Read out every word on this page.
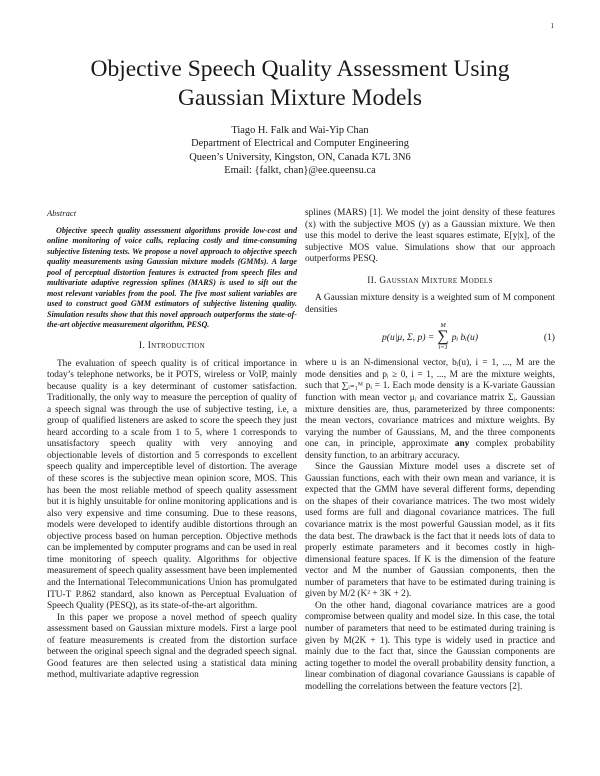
1
Objective Speech Quality Assessment Using
Gaussian Mixture Models
Tiago H. Falk and Wai-Yip Chan
Department of Electrical and Computer Engineering
Queen’s University, Kingston, ON, Canada K7L 3N6
Email: {falkt, chan}@ee.queensu.ca
Abstract

Objective speech quality assessment algorithms provide low-cost and online monitoring of voice calls, replacing costly and time-consuming subjective listening tests. We propose a novel approach to objective speech quality measurements using Gaussian mixture models (GMMs). A large pool of perceptual distortion features is extracted from speech files and multivariate adaptive regression splines (MARS) is used to sift out the most relevant variables from the pool. The five most salient variables are used to construct good GMM estimators of subjective listening quality. Simulation results show that this novel approach outperforms the state-of-the-art objective measurement algorithm, PESQ.

I. Introduction

The evaluation of speech quality is of critical importance in today’s telephone networks, be it POTS, wireless or VoIP, mainly because quality is a key determinant of customer satisfaction. Traditionally, the only way to measure the perception of quality of a speech signal was through the use of subjective testing, i.e, a group of qualified listeners are asked to score the speech they just heard according to a scale from 1 to 5, where 1 corresponds to unsatisfactory speech quality with very annoying and objectionable levels of distortion and 5 corresponds to excellent speech quality and imperceptible level of distortion. The average of these scores is the subjective mean opinion score, MOS. This has been the most reliable method of speech quality assessment but it is highly unsuitable for online monitoring applications and is also very expensive and time consuming. Due to these reasons, models were developed to identify audible distortions through an objective process based on human perception. Objective methods can be implemented by computer programs and can be used in real time monitoring of speech quality. Algorithms for objective measurement of speech quality assessment have been implemented and the International Telecommunications Union has promulgated ITU-T P.862 standard, also known as Perceptual Evaluation of Speech Quality (PESQ), as its state-of-the-art algorithm.

In this paper we propose a novel method of speech quality assessment based on Gaussian mixture models. First a large pool of feature measurements is created from the distortion surface between the original speech signal and the degraded speech signal. Good features are then selected using a statistical data mining method, multivariate adaptive regression

splines (MARS) [1]. We model the joint density of these features (x) with the subjective MOS (y) as a Gaussian mixture. We then use this model to derive the least squares estimate, E[y|x], of the subjective MOS value. Simulations show that our approach outperforms PESQ.

II. Gaussian Mixture Models

A Gaussian mixture density is a weighted sum of M component densities

p(u|μ, Σ, p) =
M
∑
i=1
pᵢ bᵢ(u)	(1)

where u is an N-dimensional vector, bᵢ(u), i = 1, ..., M are the mode densities and pᵢ ≥ 0, i = 1, ..., M are the mixture weights, such that ∑ᵢ₌₁ᴹ pᵢ = 1. Each mode density is a K-variate Gaussian function with mean vector μᵢ and covariance matrix Σᵢ. Gaussian mixture densities are, thus, parameterized by three components: the mean vectors, covariance matrices and mixture weights. By varying the number of Gaussians, M, and the three components one can, in principle, approximate any complex probability density function, to an arbitrary accuracy.

Since the Gaussian Mixture model uses a discrete set of Gaussian functions, each with their own mean and variance, it is expected that the GMM have several different forms, depending on the shapes of their covariance matrices. The two most widely used forms are full and diagonal covariance matrices. The full covariance matrix is the most powerful Gaussian model, as it fits the data best. The drawback is the fact that it needs lots of data to properly estimate parameters and it becomes costly in high-dimensional feature spaces. If K is the dimension of the feature vector and M the number of Gaussian components, then the number of parameters that have to be estimated during training is given by M/2 (K² + 3K + 2).

On the other hand, diagonal covariance matrices are a good compromise between quality and model size. In this case, the total number of parameters that need to be estimated during training is given by M(2K + 1). This type is widely used in practice and mainly due to the fact that, since the Gaussian components are acting together to model the overall probability density function, a linear combination of diagonal covariance Gaussians is capable of modelling the correlations between the feature vectors [2].
